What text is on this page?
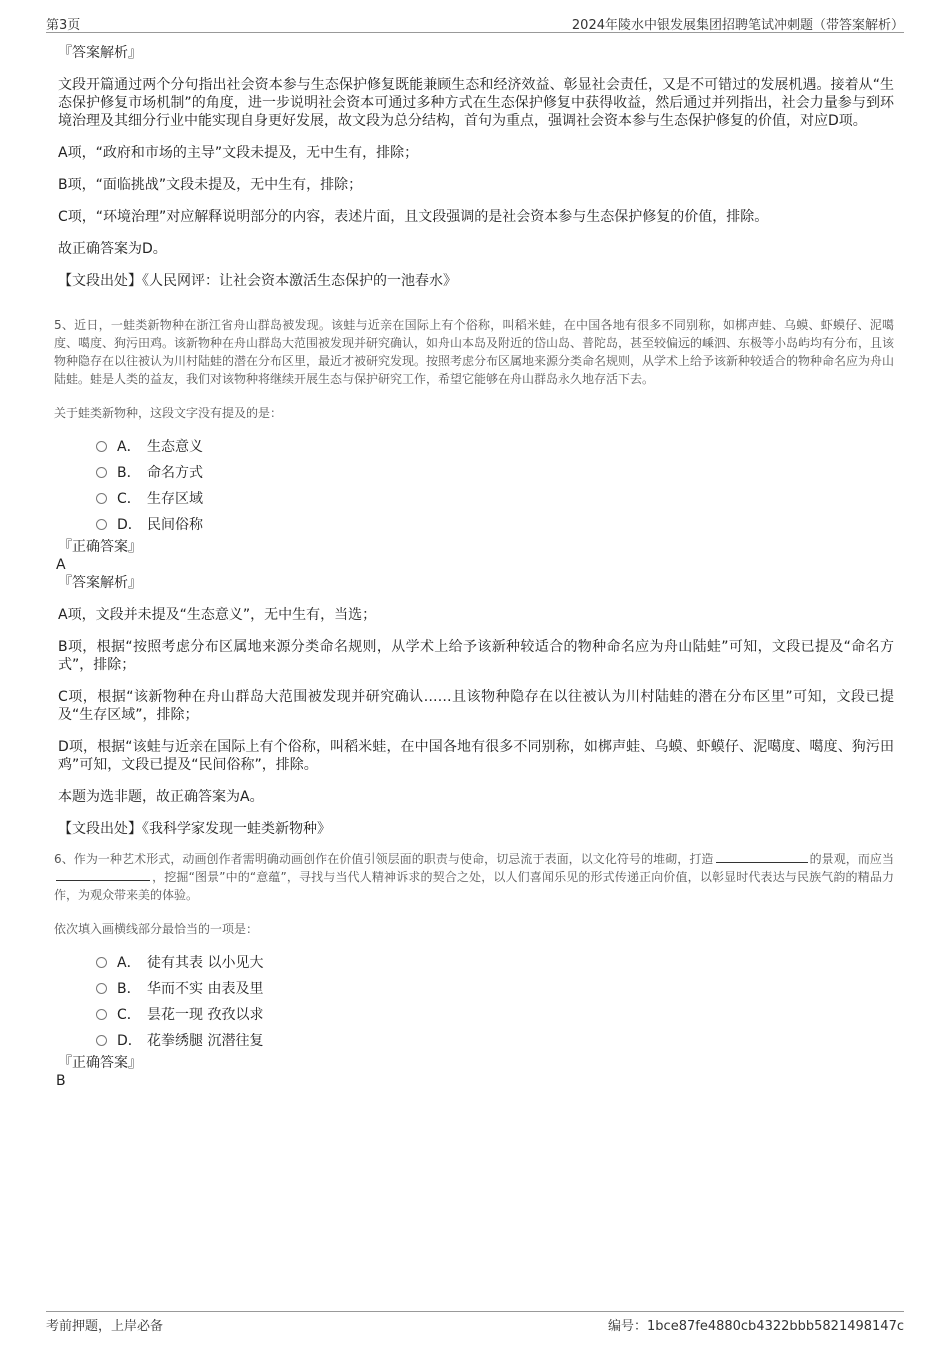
第3页	2024年陵水中银发展集团招聘笔试冲刺题（带答案解析）
『答案解析』
文段开篇通过两个分句指出社会资本参与生态保护修复既能兼顾生态和经济效益、彰显社会责任，又是不可错过的发展机遇。接着从“生态保护修复市场机制”的角度，进一步说明社会资本可通过多种方式在生态保护修复中获得收益，然后通过并列指出，社会力量参与到环境治理及其细分行业中能实现自身更好发展，故文段为总分结构，首句为重点，强调社会资本参与生态保护修复的价值，对应D项。
A项，“政府和市场的主导”文段未提及，无中生有，排除；
B项，“面临挑战”文段未提及，无中生有，排除；
C项，“环境治理”对应解释说明部分的内容，表述片面，且文段强调的是社会资本参与生态保护修复的价值，排除。
故正确答案为D。
【文段出处】《人民网评：让社会资本激活生态保护的一池春水》
5、近日，一蛙类新物种在浙江省舟山群岛被发现。该蛙与近亲在国际上有个俗称，叫稻米蛙，在中国各地有很多不同别称，如梆声蛙、乌蟆、虾蟆仔、泥噶度、噶度、狗污田鸡。该新物种在舟山群岛大范围被发现并研究确认，如舟山本岛及附近的岱山岛、普陀岛，甚至较偏远的嵊泗、东极等小岛屿均有分布，且该物种隐存在以往被认为川村陆蛙的潜在分布区里，最近才被研究发现。按照考虑分布区属地来源分类命名规则，从学术上给予该新种较适合的物种命名应为舟山陆蛙。蛙是人类的益友，我们对该物种将继续开展生态与保护研究工作，希望它能够在舟山群岛永久地存活下去。
关于蛙类新物种，这段文字没有提及的是：
A． 生态意义
B． 命名方式
C． 生存区域
D． 民间俗称
『正确答案』
A
『答案解析』
A项，文段并未提及“生态意义”，无中生有，当选；
B项，根据“按照考虑分布区属地来源分类命名规则，从学术上给予该新种较适合的物种命名应为舟山陆蛙”可知，文段已提及“命名方式”，排除；
C项，根据“该新物种在舟山群岛大范围被发现并研究确认……且该物种隐存在以往被认为川村陆蛙的潜在分布区里”可知，文段已提及“生存区域”，排除；
D项，根据“该蛙与近亲在国际上有个俗称，叫稻米蛙，在中国各地有很多不同别称，如梆声蛙、乌蟆、虾蟆仔、泥噶度、噶度、狗污田鸡”可知，文段已提及“民间俗称”，排除。
本题为选非题，故正确答案为A。
【文段出处】《我科学家发现一蛙类新物种》
6、作为一种艺术形式，动画创作者需明确动画创作在价值引领层面的职责与使命，切忌流于表面，以文化符号的堆砌，打造	的景观，而应当，挖掘“图景”中的“意蕴”，寻找与当代人精神诉求的契合之处，以人们喜闻乐见的形式传递正向价值，以彰显时代表达与民族气韵的精品力作，为观众带来美的体验。
依次填入画横线部分最恰当的一项是：
A． 徒有其表 以小见大
B． 华而不实 由表及里
C． 昙花一现 孜孜以求
D． 花拳绣腿 沉潜往复
『正确答案』
B
考前押题，上岸必备	编号：1bce87fe4880cb4322bbb5821498147c
